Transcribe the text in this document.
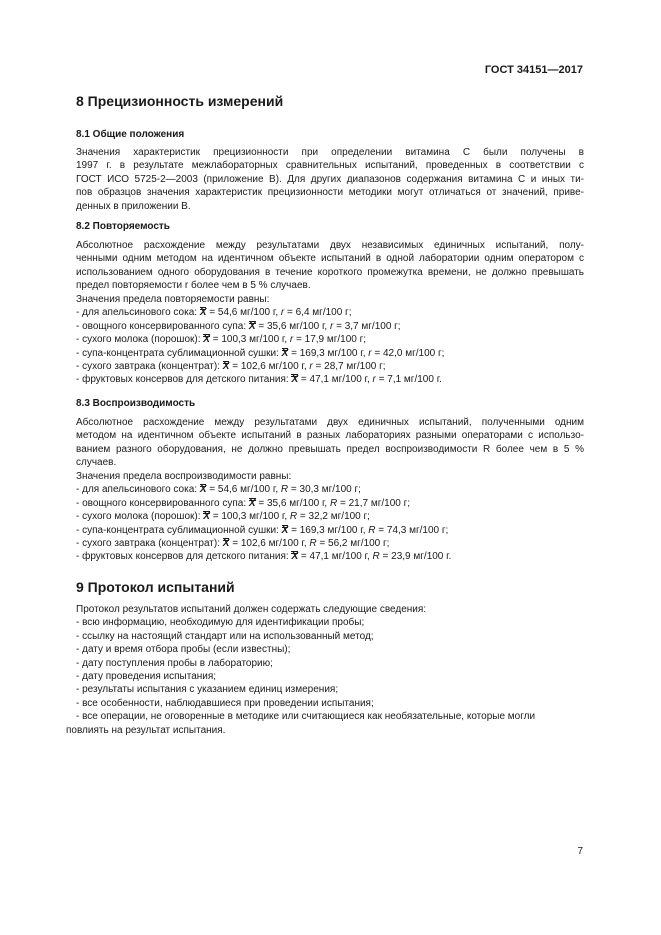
ГОСТ 34151—2017
8 Прецизионность измерений
8.1 Общие положения
Значения характеристик прецизионности при определении витамина С были получены в
1997 г. в результате межлабораторных сравнительных испытаний, проведенных в соответствии с
ГОСТ ИСО 5725-2—2003 (приложение В). Для других диапазонов содержания витамина С и иных ти-
пов образцов значения характеристик прецизионности методики могут отличаться от значений, приве-
денных в приложении В.
8.2 Повторяемость
Абсолютное расхождение между результатами двух независимых единичных испытаний, полу-
ченными одним методом на идентичном объекте испытаний в одной лаборатории одним оператором с
использованием одного оборудования в течение короткого промежутка времени, не должно превышать
предел повторяемости r более чем в 5 % случаев.
Значения предела повторяемости равны:
- для апельсинового сока: X = 54,6 мг/100 г, r = 6,4 мг/100 г;
- овощного консервированного супа: X = 35,6 мг/100 г, r = 3,7 мг/100 г;
- сухого молока (порошок): X = 100,3 мг/100 г, r = 17,9 мг/100 г;
- супа-концентрата сублимационной сушки: X = 169,3 мг/100 г, r = 42,0 мг/100 г;
- сухого завтрака (концентрат): X = 102,6 мг/100 г, r = 28,7 мг/100 г;
- фруктовых консервов для детского питания: X = 47,1 мг/100 г, r = 7,1 мг/100 г.
8.3 Воспроизводимость
Абсолютное расхождение между результатами двух единичных испытаний, полученными одним
методом на идентичном объекте испытаний в разных лабораториях разными операторами с использо-
ванием разного оборудования, не должно превышать предел воспроизводимости R более чем в 5 %
случаев.
Значения предела воспроизводимости равны:
- для апельсинового сока: X = 54,6 мг/100 г, R = 30,3 мг/100 г;
- овощного консервированного супа: X = 35,6 мг/100 г, R = 21,7 мг/100 г;
- сухого молока (порошок): X = 100,3 мг/100 г, R = 32,2 мг/100 г;
- супа-концентрата сублимационной сушки: X = 169,3 мг/100 г, R = 74,3 мг/100 г;
- сухого завтрака (концентрат): X = 102,6 мг/100 г, R = 56,2 мг/100 г;
- фруктовых консервов для детского питания: X = 47,1 мг/100 г, R = 23,9 мг/100 г.
9 Протокол испытаний
Протокол результатов испытаний должен содержать следующие сведения:
- всю информацию, необходимую для идентификации пробы;
- ссылку на настоящий стандарт или на использованный метод;
- дату и время отбора пробы (если известны);
- дату поступления пробы в лабораторию;
- дату проведения испытания;
- результаты испытания с указанием единиц измерения;
- все особенности, наблюдавшиеся при проведении испытания;
- все операции, не оговоренные в методике или считающиеся как необязательные, которые могли
повлиять на результат испытания.
7
